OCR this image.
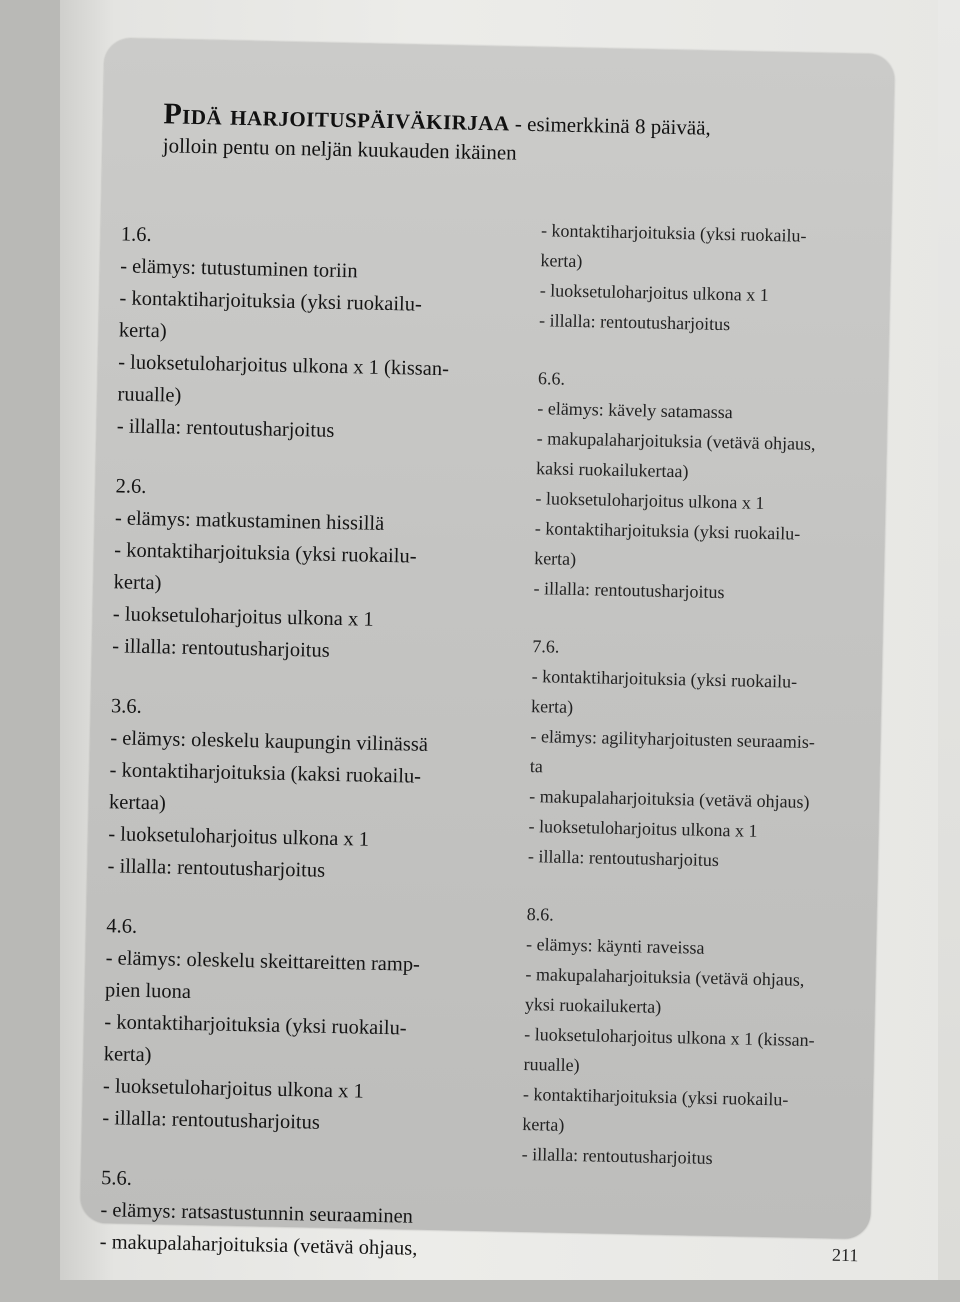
Pidä harjoituspäiväkirjaa - esimerkkinä 8 päivää,
jolloin pentu on neljän kuukauden ikäinen
1.6.
- elämys: tutustuminen toriin
- kontaktiharjoituksia (yksi ruokailu-
kerta)
- luoksetuloharjoitus ulkona x 1 (kissan-
ruualle)
- illalla: rentoutusharjoitus
2.6.
- elämys: matkustaminen hissillä
- kontaktiharjoituksia (yksi ruokailu-
kerta)
- luoksetuloharjoitus ulkona x 1
- illalla: rentoutusharjoitus
3.6.
- elämys: oleskelu kaupungin vilinässä
- kontaktiharjoituksia (kaksi ruokailu-
kertaa)
- luoksetuloharjoitus ulkona x 1
- illalla: rentoutusharjoitus
4.6.
- elämys: oleskelu skeittareitten ramp-
pien luona
- kontaktiharjoituksia (yksi ruokailu-
kerta)
- luoksetuloharjoitus ulkona x 1
- illalla: rentoutusharjoitus
5.6.
- elämys: ratsastustunnin seuraaminen
- makupalaharjoituksia (vetävä ohjaus,
- kontaktiharjoituksia (yksi ruokailu-
kerta)
- luoksetuloharjoitus ulkona x 1
- illalla: rentoutusharjoitus
6.6.
- elämys: kävely satamassa
- makupalaharjoituksia (vetävä ohjaus,
kaksi ruokailukertaa)
- luoksetuloharjoitus ulkona x 1
- kontaktiharjoituksia (yksi ruokailu-
kerta)
- illalla: rentoutusharjoitus
7.6.
- kontaktiharjoituksia (yksi ruokailu-
kerta)
- elämys: agilityharjoitusten seuraamis-
ta
- makupalaharjoituksia (vetävä ohjaus)
- luoksetuloharjoitus ulkona x 1
- illalla: rentoutusharjoitus
8.6.
- elämys: käynti raveissa
- makupalaharjoituksia (vetävä ohjaus,
yksi ruokailukerta)
- luoksetuloharjoitus ulkona x 1 (kissan-
ruualle)
- kontaktiharjoituksia (yksi ruokailu-
kerta)
- illalla: rentoutusharjoitus
211
